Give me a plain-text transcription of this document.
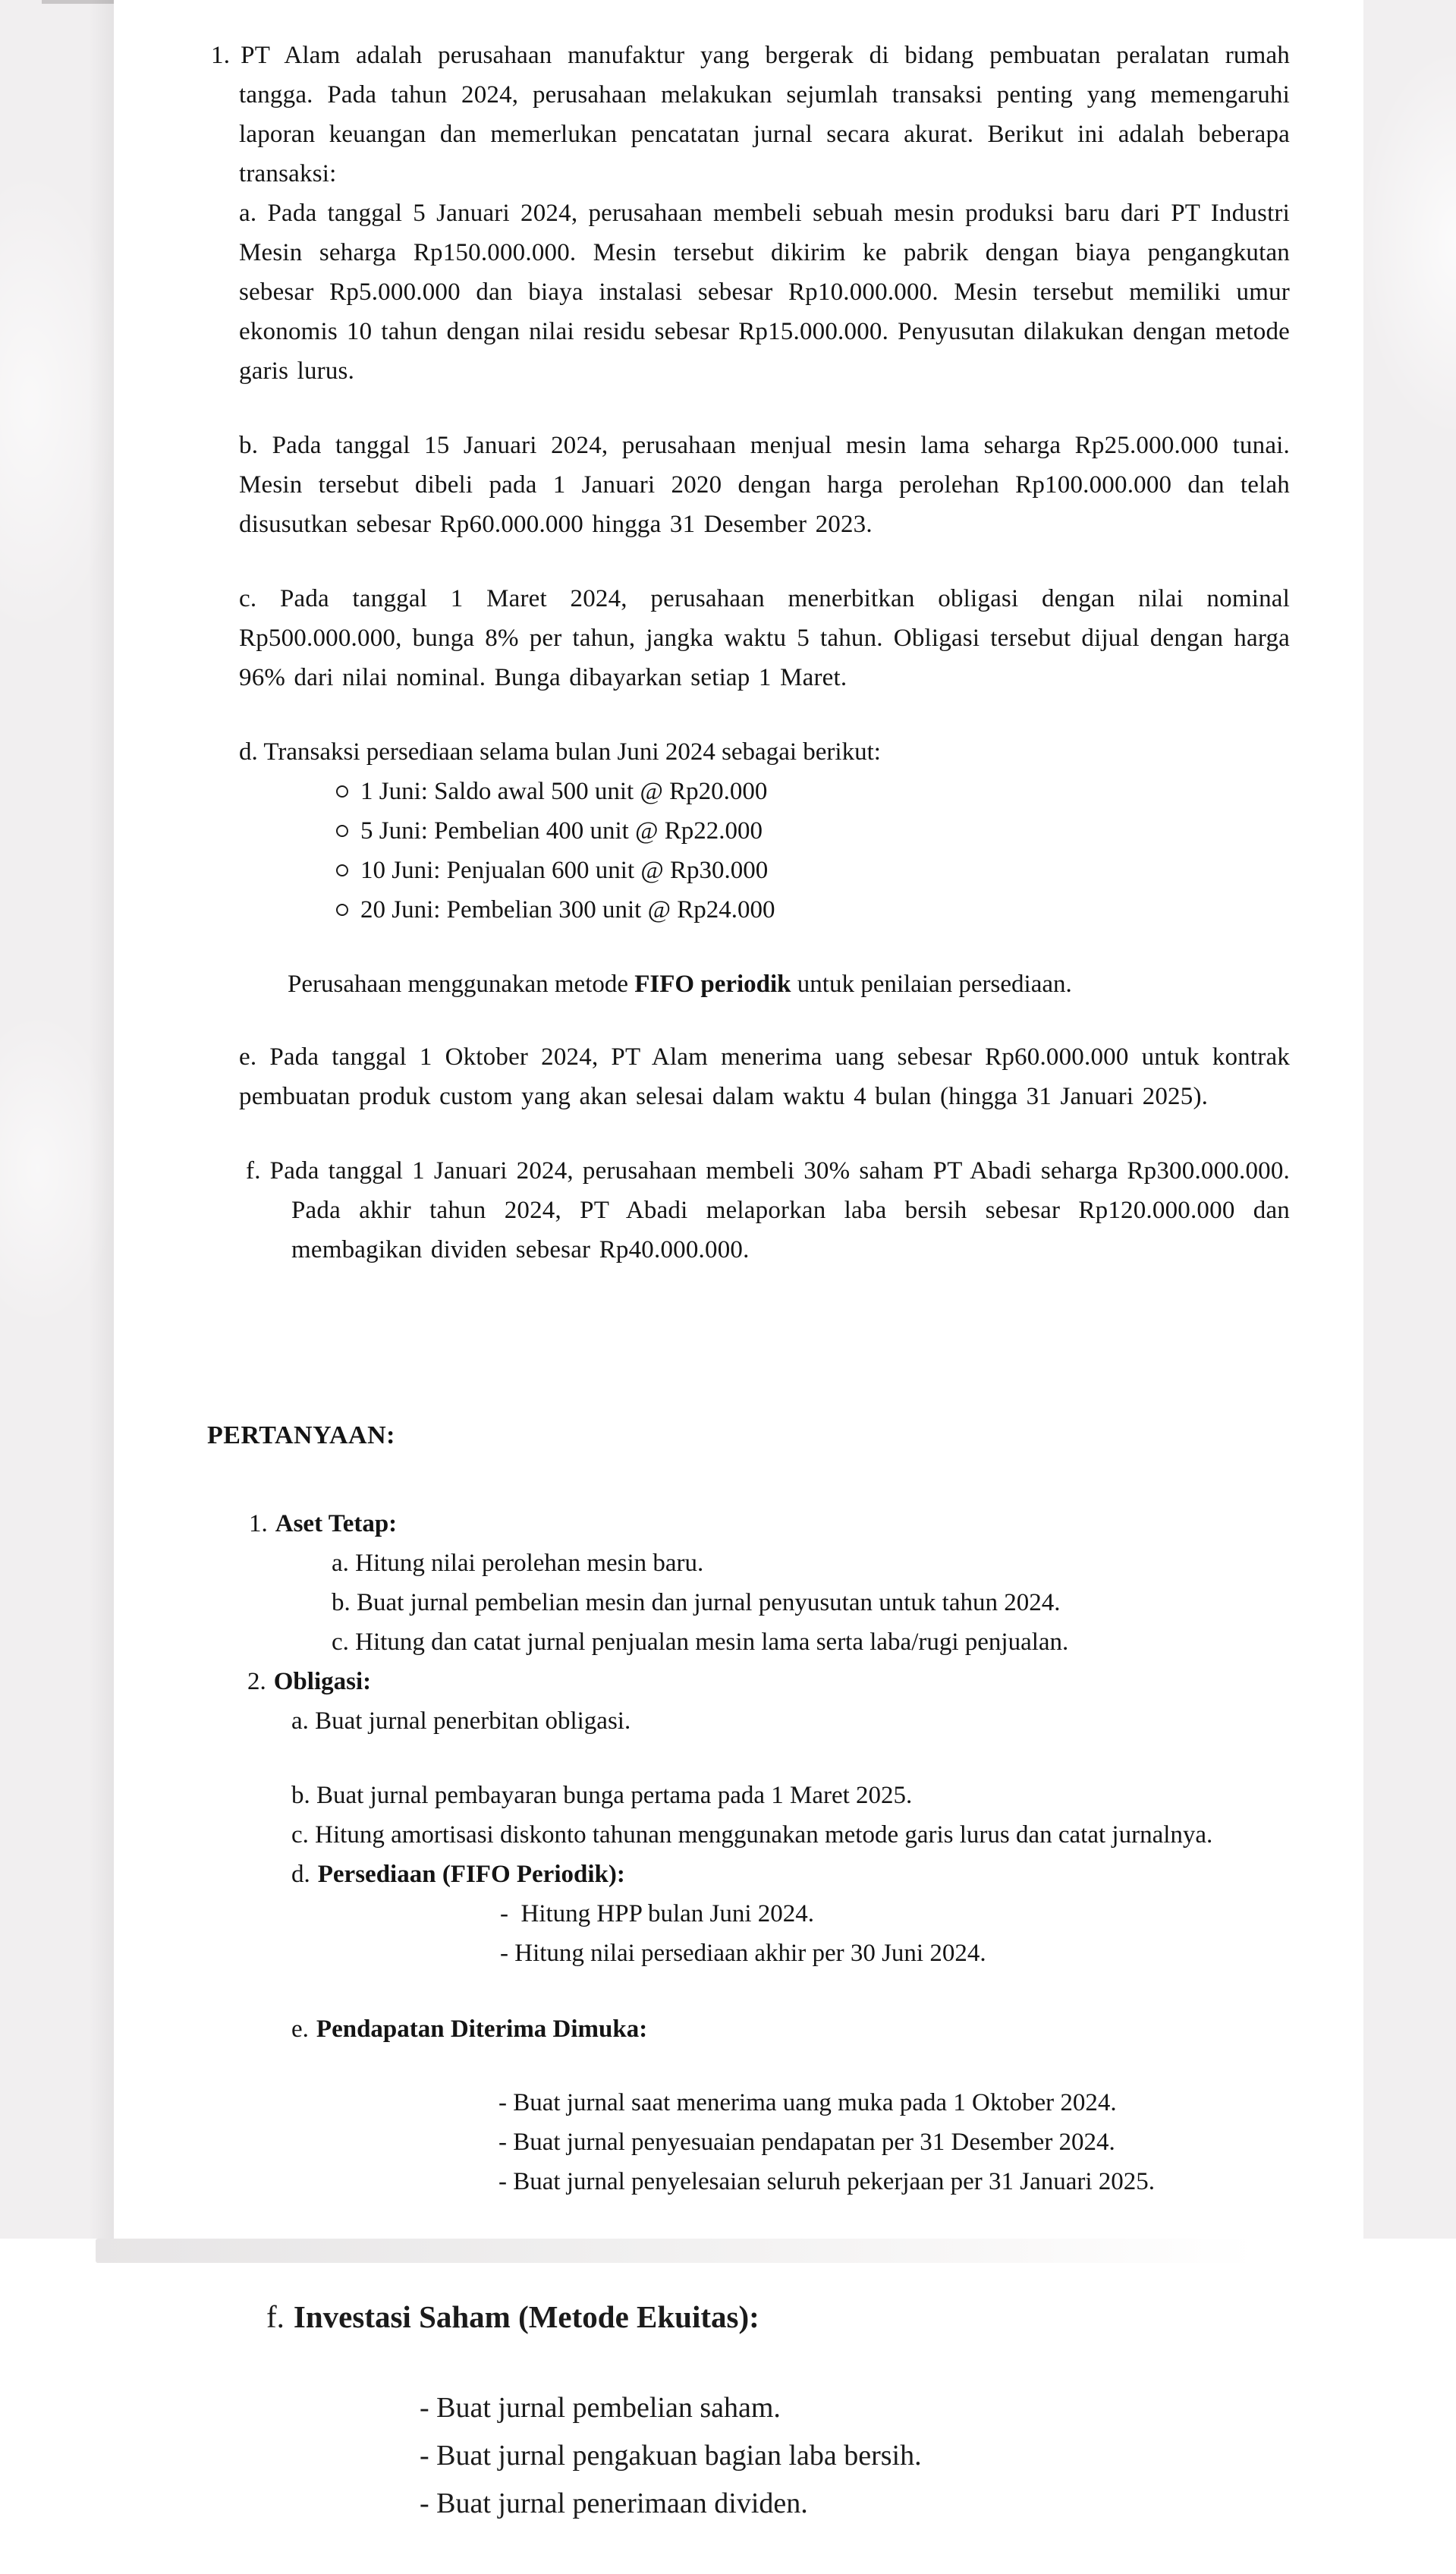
1. PT Alam adalah perusahaan manufaktur yang bergerak di bidang pembuatan peralatan rumah tangga. Pada tahun 2024, perusahaan melakukan sejumlah transaksi penting yang memengaruhi laporan keuangan dan memerlukan pencatatan jurnal secara akurat. Berikut ini adalah beberapa transaksi:

a. Pada tanggal 5 Januari 2024, perusahaan membeli sebuah mesin produksi baru dari PT Industri Mesin seharga Rp150.000.000. Mesin tersebut dikirim ke pabrik dengan biaya pengangkutan sebesar Rp5.000.000 dan biaya instalasi sebesar Rp10.000.000. Mesin tersebut memiliki umur ekonomis 10 tahun dengan nilai residu sebesar Rp15.000.000. Penyusutan dilakukan dengan metode garis lurus.

b. Pada tanggal 15 Januari 2024, perusahaan menjual mesin lama seharga Rp25.000.000 tunai. Mesin tersebut dibeli pada 1 Januari 2020 dengan harga perolehan Rp100.000.000 dan telah disusutkan sebesar Rp60.000.000 hingga 31 Desember 2023.

c. Pada tanggal 1 Maret 2024, perusahaan menerbitkan obligasi dengan nilai nominal Rp500.000.000, bunga 8% per tahun, jangka waktu 5 tahun. Obligasi tersebut dijual dengan harga 96% dari nilai nominal. Bunga dibayarkan setiap 1 Maret.

d. Transaksi persediaan selama bulan Juni 2024 sebagai berikut:

1 Juni: Saldo awal 500 unit @ Rp20.000
5 Juni: Pembelian 400 unit @ Rp22.000
10 Juni: Penjualan 600 unit @ Rp30.000
20 Juni: Pembelian 300 unit @ Rp24.000

Perusahaan menggunakan metode FIFO periodik untuk penilaian persediaan.

e. Pada tanggal 1 Oktober 2024, PT Alam menerima uang sebesar Rp60.000.000 untuk kontrak pembuatan produk custom yang akan selesai dalam waktu 4 bulan (hingga 31 Januari 2025).

f. Pada tanggal 1 Januari 2024, perusahaan membeli 30% saham PT Abadi seharga Rp300.000.000. Pada akhir tahun 2024, PT Abadi melaporkan laba bersih sebesar Rp120.000.000 dan membagikan dividen sebesar Rp40.000.000.

PERTANYAAN:
1. Aset Tetap:
a. Hitung nilai perolehan mesin baru.
b. Buat jurnal pembelian mesin dan jurnal penyusutan untuk tahun 2024.
c. Hitung dan catat jurnal penjualan mesin lama serta laba/rugi penjualan.
2. Obligasi:
a. Buat jurnal penerbitan obligasi.
b. Buat jurnal pembayaran bunga pertama pada 1 Maret 2025.
c. Hitung amortisasi diskonto tahunan menggunakan metode garis lurus dan catat jurnalnya.
d. Persediaan (FIFO Periodik):
-  Hitung HPP bulan Juni 2024.
- Hitung nilai persediaan akhir per 30 Juni 2024.
e. Pendapatan Diterima Dimuka:
- Buat jurnal saat menerima uang muka pada 1 Oktober 2024.
- Buat jurnal penyesuaian pendapatan per 31 Desember 2024.
- Buat jurnal penyelesaian seluruh pekerjaan per 31 Januari 2025.
f. Investasi Saham (Metode Ekuitas):
- Buat jurnal pembelian saham.
- Buat jurnal pengakuan bagian laba bersih.
- Buat jurnal penerimaan dividen.
